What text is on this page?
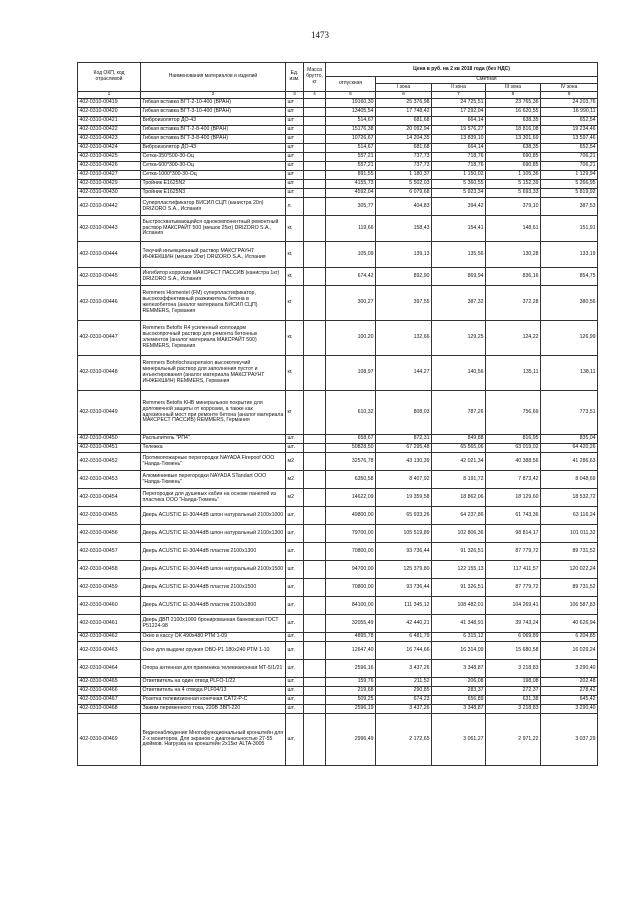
1473
Код ОКП, код отраслевой	Наименования материалов и изделий	Ед. изм.	Масса брутто, кг	Цена в руб. на 2 кв 2018 года (без НДС)				
				отпускная	Сметная			
					I зона	II зона	III зона	IV зона
1	2	3	4	5	6	7	8	9
402-0310-00419	Гибкая вставка ВГТ-2-10-400 (ВРАН)	шт		19160,30	25 376,98	24 725,51	23 765,36	24 203,76
402-0310-00420	Гибкая вставка ВГТ-3-10-400 (ВРАН)	шт		13405,54	17 748,42	17 292,04	16 620,55	16 990,11
402-0310-00421	Виброизолятор ДО-43	шт		514,67	681,68	664,14	638,35	652,54
402-0310-00422	Гибкая вставка ВГТ-2-8-400 (ВРАН)	шт		15176,38	20 092,94	19 576,27	18 816,08	19 234,46
402-0310-00423	Гибкая вставка ВГТ-3-8-400 (ВРАН)	шт		10726,67	14 204,35	13 839,10	13 301,69	13 597,46
402-0310-00424	Виброизолятор ДО-43	шт		514,67	681,68	664,14	638,35	652,54
402-0310-00425	Сетка-350*500-30-Оц	шт		557,21	737,73	718,76	690,85	706,21
402-0310-00426	Сетка-600*300-30-Оц	шт		557,21	737,73	718,76	690,85	706,21
402-0310-00427	Сетка-1000*300-30-Оц	шт		891,55	1 180,37	1 150,02	1 105,36	1 129,94
402-0310-00429	Тройник Е1625N2	шт		4155,73	5 502,03	5 360,55	5 152,39	5 266,95
402-0310-00430	Тройник Е1625N3	шт		4592,04	6 079,68	5 923,34	5 693,33	5 819,92
402-0310-00442	Суперпластификатор БИСИЛ СЦП (канистра 20л) DRIZORO S.A., Испания	л.		305,77	404,83	394,42	379,10	387,53
402-0310-00443	Быстросхватывающийся однокомпонентный ремонтный раствор МАКСРАЙТ 500 (мешок 25кг) DRIZORO S.A., Испания	кг.		119,66	158,43	154,41	148,61	151,91
402-0310-00444	Текучий инъекционный раствор МАКСГРАУНТ ИНЖЕКШИН (мешок 20кг) DRIZORO S.A., Испания	кг.		105,09	139,13	135,56	130,28	133,19
402-0310-00445	Ингибитор коррозии МАКСРЕСТ ПАССИВ (канистра 1кг) DRIZORO S.A., Испания	кг.		674,42	892,90	869,94	836,16	854,75
402-0310-00446	Remmers Hiomentel (FM) суперпластификатор, высокоэффективный разжижитель бетона в железобетона (аналог материала БИСИЛ СЦП) REMMERS, Германия	кг		300,27	397,55	387,32	372,28	380,56
402-0310-00447	Remmers Betofix R4 усиленный коллоидом высокопрочный раствор для ремонта бетонных элементов (аналог материала МАКСРАЙТ 500) REMMERS, Германия	кг.		100,20	132,66	129,25	124,22	126,99
402-0310-00448	Remmers Bohrlochsuspension высокотекучий минеральный раствор для заполнения пустот и инъектирования (аналог материала МАКСГРАУНТ ИНЖЕКШИН) REMMERS, Германия	кг.		108,97	144,27	140,56	135,11	138,11
402-0310-00449	Remmers Betofix KHB минеральное покрытие для долговечной защиты от коррозии, а также как адгезионный мост при ремонте бетона (аналог материала МАКСРЕСТ ПАССИВ) REMMERS, Германия	кг		610,32	808,03	787,26	756,69	773,51
402-0310-00450	Распылитель "РП4"	шт.		658,67	872,31	849,88	816,95	835,04
402-0310-00451	Тележка	шт.		50828,50	67 295,48	65 565,06	63 019,02	64 420,26
402-0310-00452	Противопожарные перегородки NAYADA Firepoof ООО "Наяда-Тюмень"	м2		32576,78	43 130,39	42 021,34	40 388,56	41 286,63
402-0310-00453	Алюминиевые перегородки NAYADA STandart ООО "Наяда-Тюмень"	м2		6350,58	8 407,92	8 191,72	7 873,42	8 048,69
402-0310-00454	Перегородки для душевых кабин на основе панелей из пластика ООО "Наяда-Тюмень"	м2		14622,09	19 359,58	18 862,06	18 129,60	18 532,72
402-0310-00455	Дверь ACUSTIC EI-30/44dB шпон натуральный 2100х1000	шт.		49800,00	65 933,26	64 237,86	61 743,36	63 116,24
402-0310-00456	Дверь ACUSTIC EI-30/44dB шпон натуральный 2100х1300	шт.		79700,00	105 519,89	102 806,36	98 814,17	101 011,32
402-0310-00457	Дверь ACUSTIC EI-30/44dB пластик 2100х1300	шт.		70800,00	93 736,44	91 326,51	87 779,72	89 731,52
402-0310-00458	Дверь ACUSTIC EI-30/44dB шпон натуральный 2100х1500	шт.		94700,00	125 379,80	122 155,13	117 411,57	120 022,24
402-0310-00459	Дверь ACUSTIC EI-30/44dB пластик 2100х1500	шт.		70800,00	93 736,44	91 326,51	87 779,72	89 731,52
402-0310-00460	Дверь ACUSTIC EI-30/44dB пластик 2100х1800	шт.		84100,00	111 345,12	108 482,01	104 269,41	106 587,83
402-0310-00461	Дверь ДВП 2100х1000 бронированная банковская ГОСТ Р51224-98	шт.		32055,49	42 440,21	41 348,91	39 743,24	40 626,94
402-0310-00462	Окно в кассу ОК 490х480 РТМ 1-09	шт.		4895,78	6 481,79	6 315,12	6 069,89	6 204,85
402-0310-00463	Окно для выдачи оружия ОВО-Р1 180х240 РТМ 1-10	шт.		12647,40	16 744,66	16 314,09	15 680,58	16 029,24
402-0310-00464	Опора антенная для приемника телевизионная МТ-5/1/21	шт.		2596,16	3 437,26	3 348,87	3 218,83	3 290,40
402-0310-00465	Ответвитель на один отвод PLFO-1/22	шт.		159,76	211,52	206,08	198,08	202,48
402-0310-00466	Ответвитель на 4 отвода PLF04/13	шт.		219,68	290,85	283,37	272,37	278,42
402-0310-00467	Розетка телевизионная конечная CAT2-P-C	шт.		509,25	674,23	656,89	631,38	645,42
402-0310-00468	Зажим переменного тока, 220В ЗВП-220	шт.		2596,19	3 437,26	3 348,87	3 218,83	3 290,40
402-0310-00469	Видеонаблюдение Многофункциональный кронштейн для 2-х мониторов. Для экранов с диагональностью 27-55 дюймов. Нагрузка на кронштейн 2х15кг ALTA-3005	шт.		2996,49	2 172,65	3 061,27	2 971,22	3 037,29
